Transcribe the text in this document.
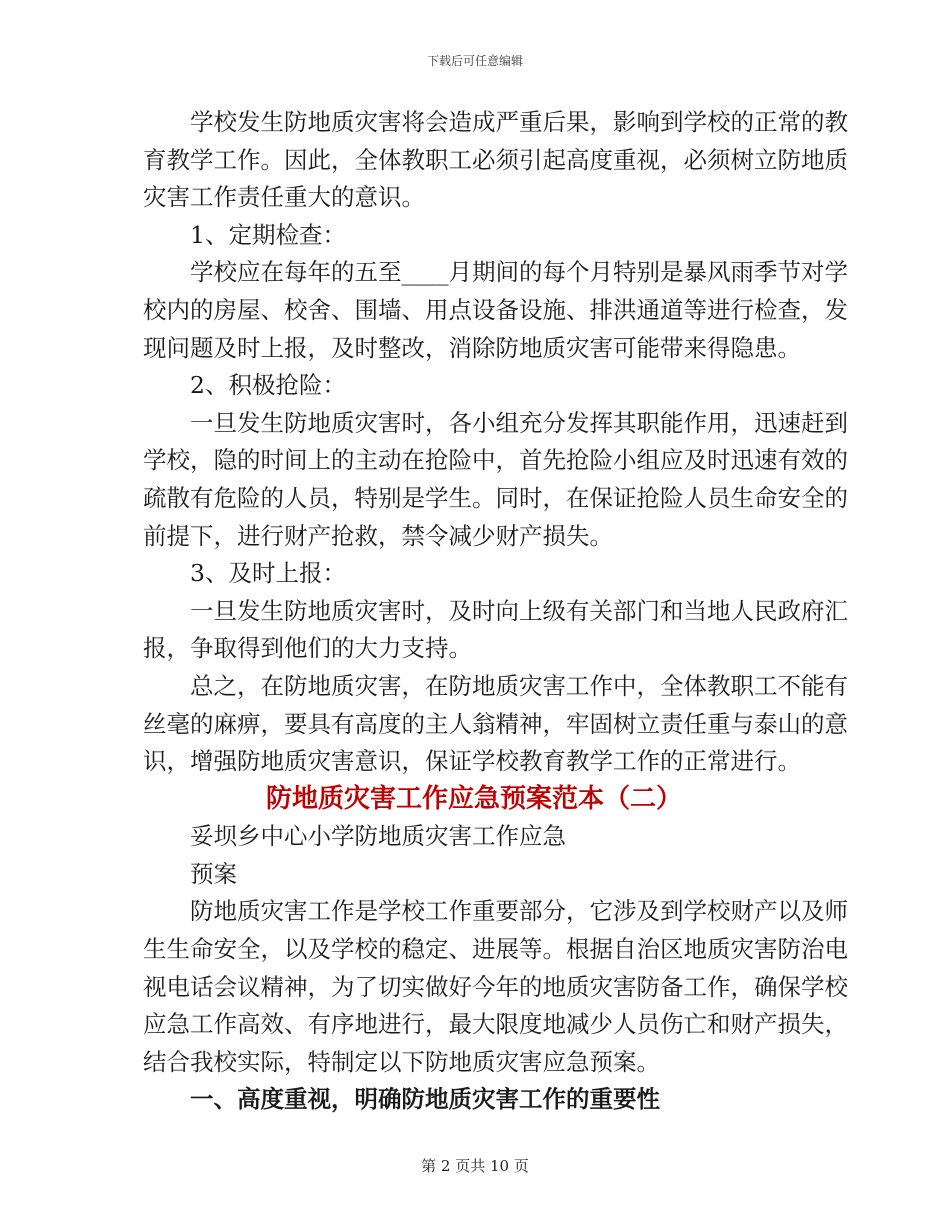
下载后可任意编辑

学校发生防地质灾害将会造成严重后果，影响到学校的正常的教

育教学工作。因此，全体教职工必须引起高度重视，必须树立防地质

灾害工作责任重大的意识。

1、定期检查：

学校应在每年的五至____月期间的每个月特别是暴风雨季节对学

校内的房屋、校舍、围墙、用点设备设施、排洪通道等进行检查，发

现问题及时上报，及时整改，消除防地质灾害可能带来得隐患。

2、积极抢险：

一旦发生防地质灾害时，各小组充分发挥其职能作用，迅速赶到

学校，隐的时间上的主动在抢险中，首先抢险小组应及时迅速有效的

疏散有危险的人员，特别是学生。同时，在保证抢险人员生命安全的

前提下，进行财产抢救，禁令减少财产损失。

3、及时上报：

一旦发生防地质灾害时，及时向上级有关部门和当地人民政府汇

报，争取得到他们的大力支持。

总之，在防地质灾害，在防地质灾害工作中，全体教职工不能有

丝毫的麻痹，要具有高度的主人翁精神，牢固树立责任重与泰山的意

识，增强防地质灾害意识，保证学校教育教学工作的正常进行。

防地质灾害工作应急预案范本（二）

妥坝乡中心小学防地质灾害工作应急

预案

防地质灾害工作是学校工作重要部分，它涉及到学校财产以及师

生生命安全，以及学校的稳定、进展等。根据自治区地质灾害防治电

视电话会议精神，为了切实做好今年的地质灾害防备工作，确保学校

应急工作高效、有序地进行，最大限度地减少人员伤亡和财产损失，

结合我校实际，特制定以下防地质灾害应急预案。

一、高度重视，明确防地质灾害工作的重要性

第 2 页共 10 页
